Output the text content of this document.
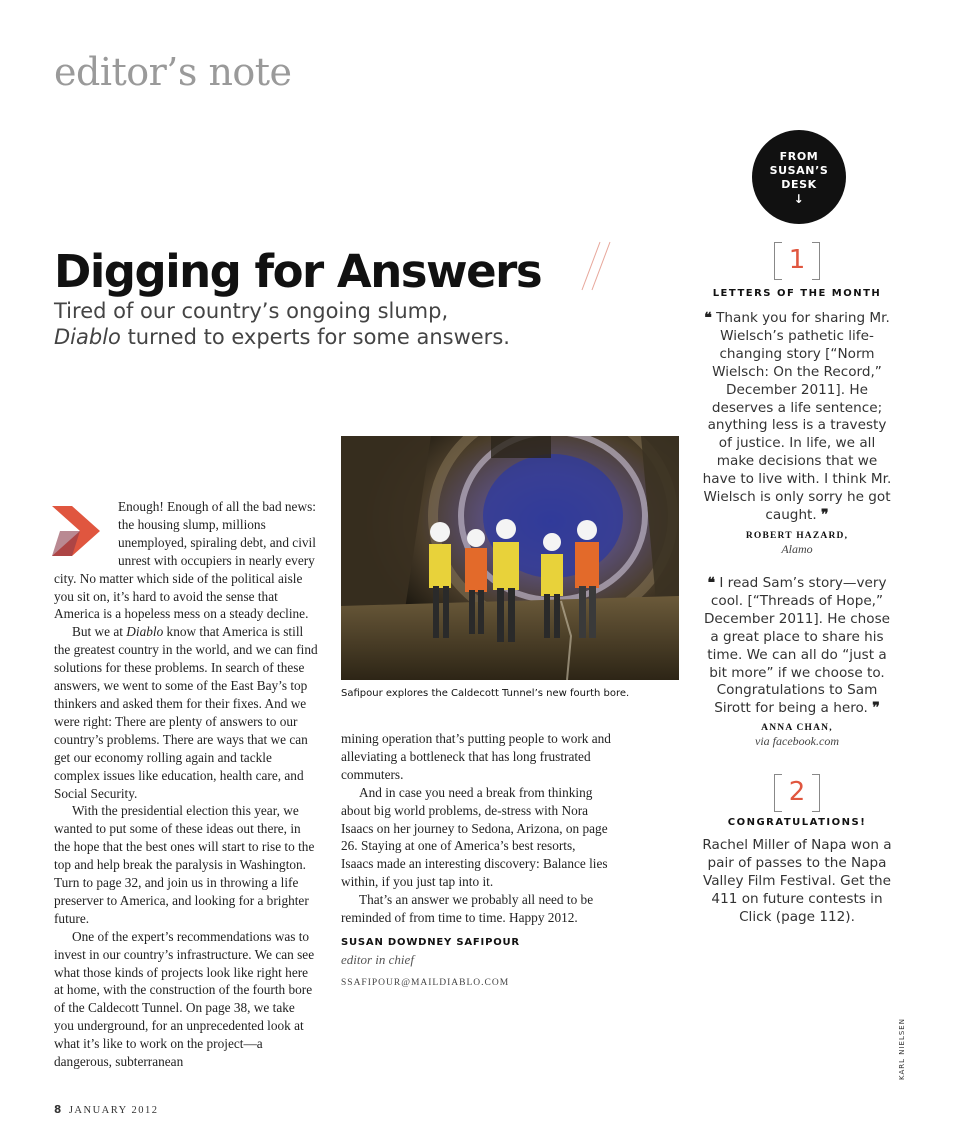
editor’s note
Digging for Answers
Tired of our country’s ongoing slump,
Diablo turned to experts for some answers.
Safipour explores the Caldecott Tunnel’s new fourth bore.

Enough! Enough of all the bad news: the housing slump, millions unemployed, spiraling debt, and civil unrest with occupiers in nearly every city. No matter which side of the political aisle you sit on, it’s hard to avoid the sense that America is a hopeless mess on a steady decline.

But we at Diablo know that America is still the greatest country in the world, and we can find solutions for these problems. In search of these answers, we went to some of the East Bay’s top thinkers and asked them for their fixes. And we were right: There are plenty of answers to our country’s problems. There are ways that we can get our economy rolling again and tackle complex issues like education, health care, and Social Security.

With the presidential election this year, we wanted to put some of these ideas out there, in the hope that the best ones will start to rise to the top and help break the paralysis in Washington. Turn to page 32, and join us in throwing a life preserver to America, and looking for a brighter future.

One of the expert’s recommendations was to invest in our country’s infrastructure. We can see what those kinds of projects look like right here at home, with the construction of the fourth bore of the Caldecott Tunnel. On page 38, we take you underground, for an unprecedented look at what it’s like to work on the project—a dangerous, subterranean

mining operation that’s putting people to work and alleviating a bottleneck that has long frustrated commuters.

And in case you need a break from thinking about big world problems, de-stress with Nora Isaacs on her journey to Sedona, Arizona, on page 26. Staying at one of America’s best resorts, Isaacs made an interesting discovery: Balance lies within, if you just tap into it.

That’s an answer we probably all need to be reminded of from time to time. Happy 2012.

SUSAN DOWDNEY SAFIPOUR
editor in chief
SSAFIPOUR@MAILDIABLO.COM
FROM
SUSAN’S
DESK
↓
1
LETTERS OF THE MONTH
❝ Thank you for sharing Mr. Wielsch’s pathetic life-changing story [“Norm Wielsch: On the Record,” December 2011]. He deserves a life sentence; anything less is a travesty of justice. In life, we all make decisions that we have to live with. I think Mr. Wielsch is only sorry he got caught. ❞
ROBERT HAZARD,
Alamo
❝ I read Sam’s story—very cool. [“Threads of Hope,” December 2011]. He chose a great place to share his time. We can all do “just a bit more” if we choose to. Congratulations to Sam Sirott for being a hero. ❞
ANNA CHAN,
via facebook.com
2
CONGRATULATIONS!
Rachel Miller of Napa won a pair of passes to the Napa Valley Film Festival. Get the 411 on future contests in Click (page 112).
KARL NIELSEN
8 JANUARY 2012
